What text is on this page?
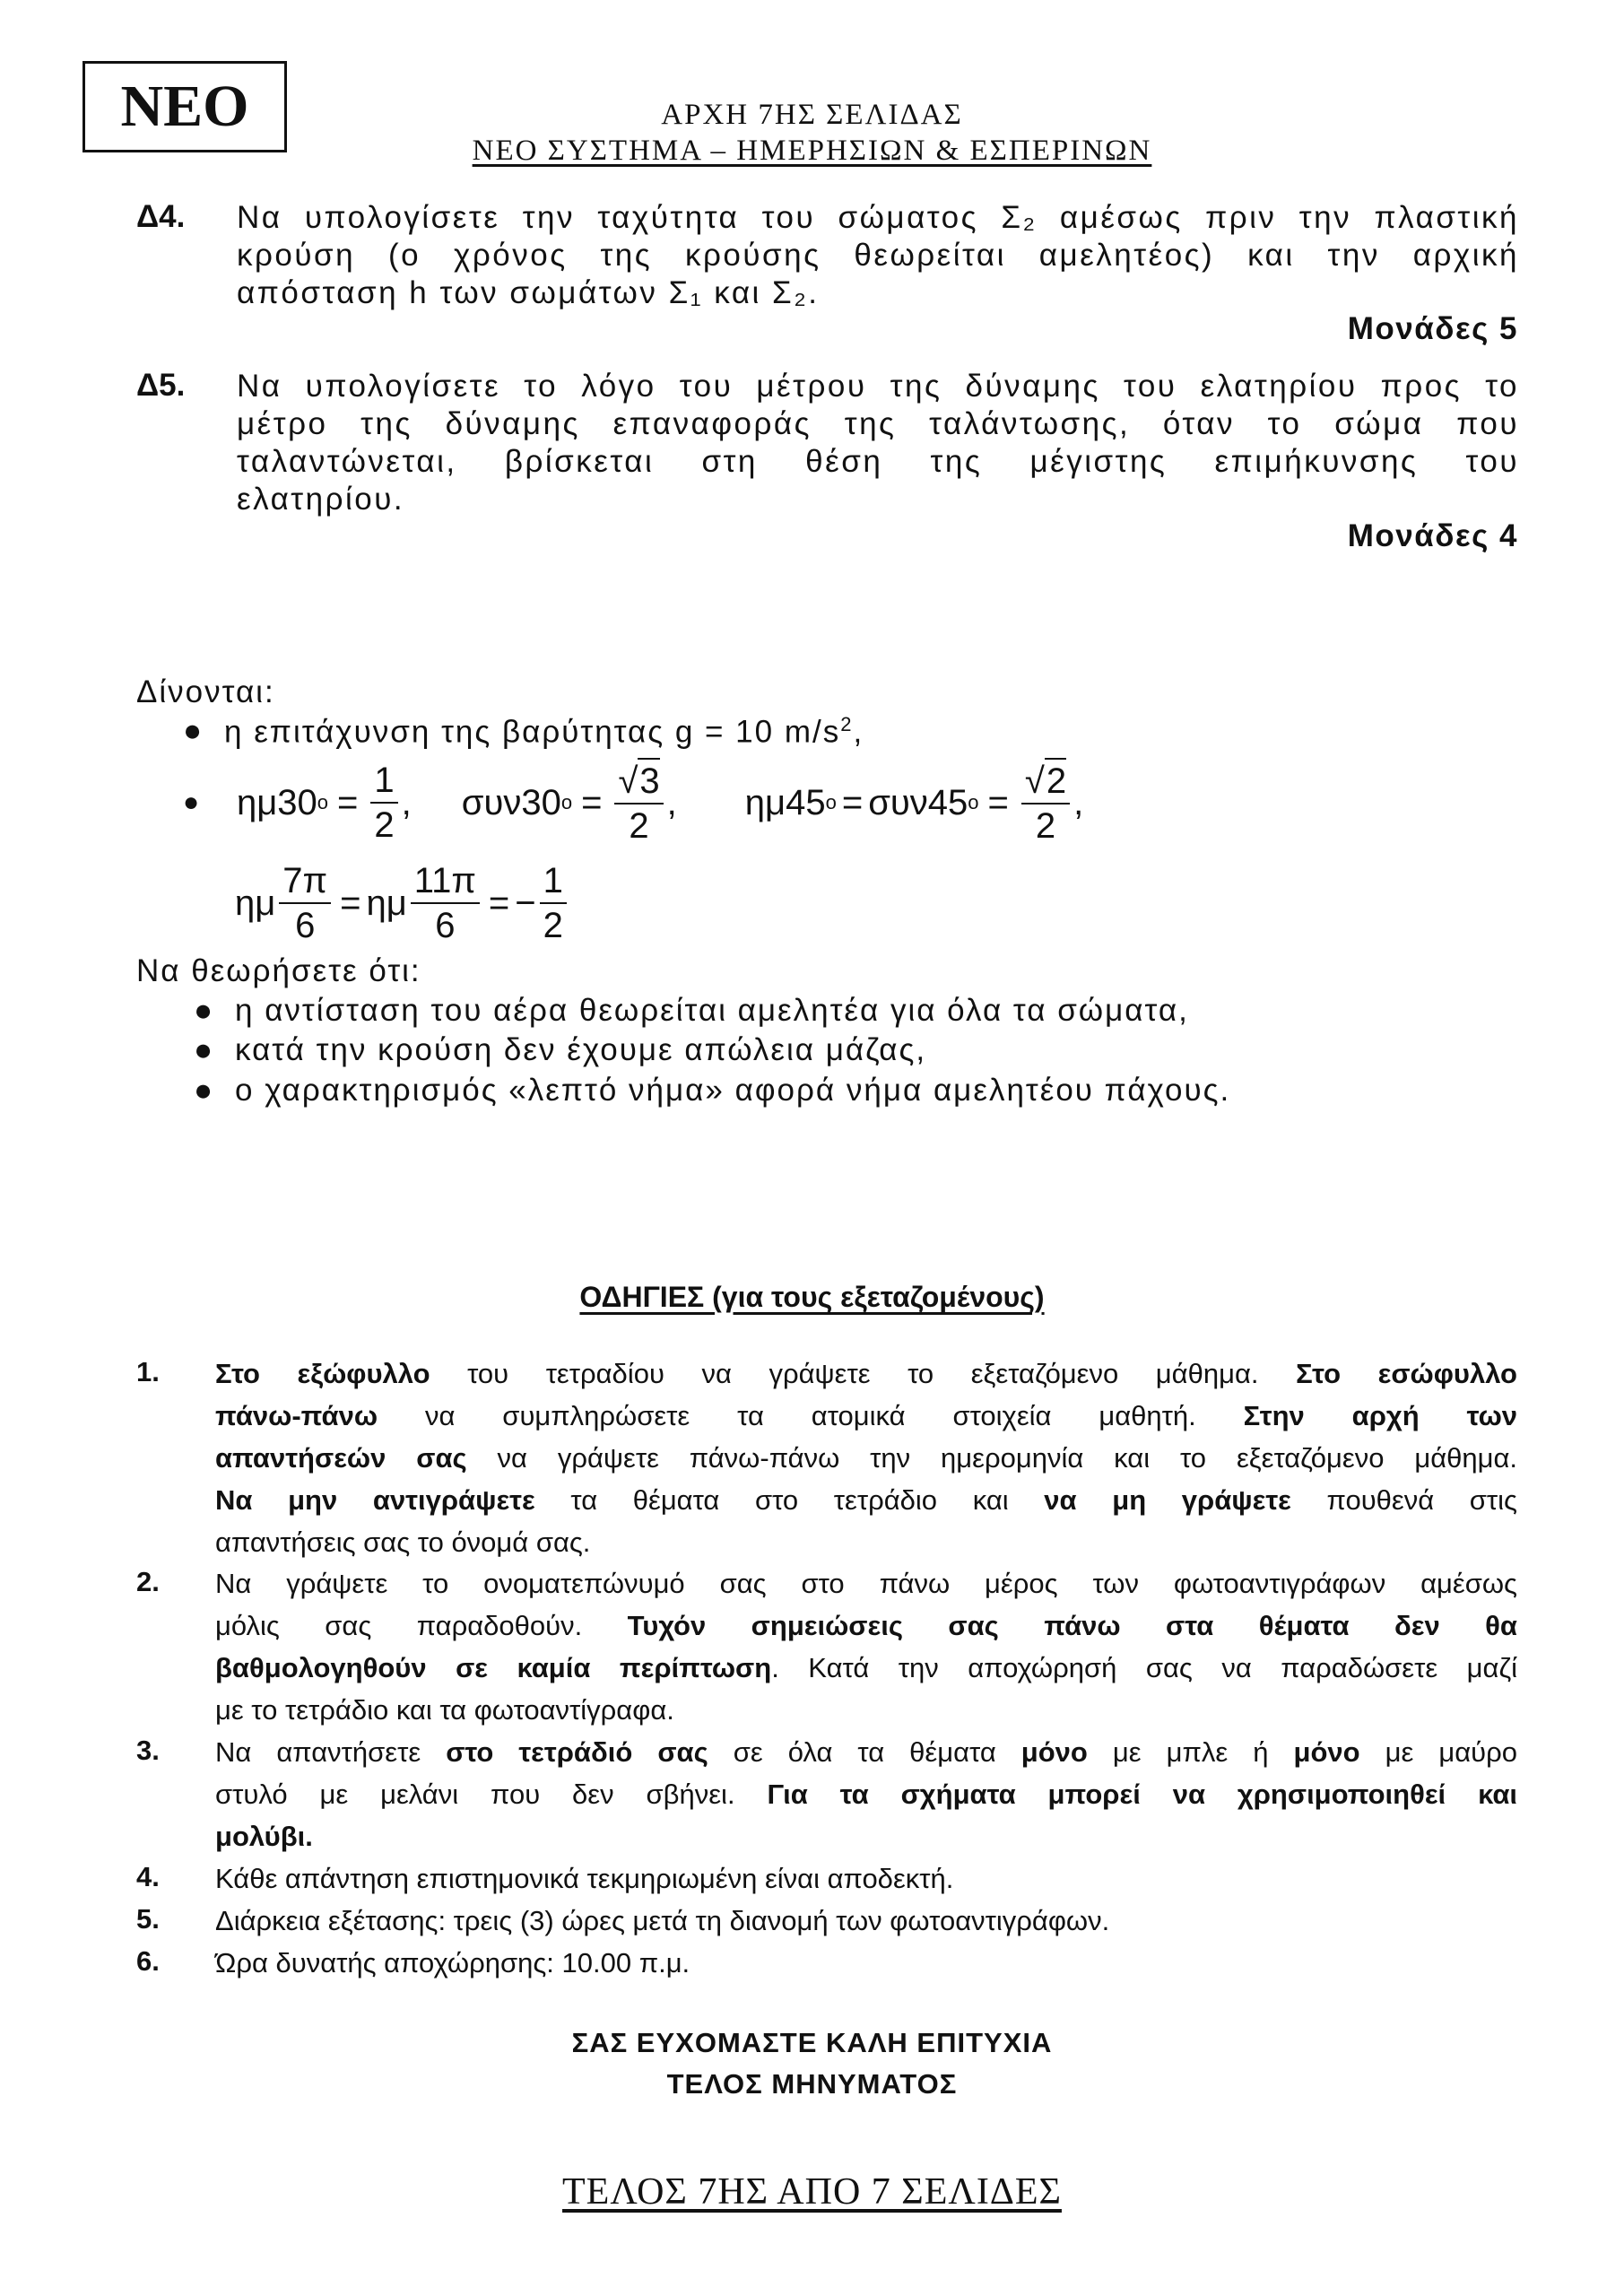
ΝΕΟ	ΑΡΧΗ 7ΗΣ ΣΕΛΙΔΑΣ
ΝΕΟ ΣΥΣΤΗΜΑ – ΗΜΕΡΗΣΙΩΝ & ΕΣΠΕΡΙΝΩΝ
Δ4. Να υπολογίσετε την ταχύτητα του σώματος Σ₂ αμέσως πριν την πλαστική
κρούση (ο χρόνος της κρούσης θεωρείται αμελητέος) και την αρχική
απόσταση h των σωμάτων Σ₁ και Σ₂.
Μονάδες 5
Δ5. Να υπολογίσετε το λόγο του μέτρου της δύναμης του ελατηρίου προς το
μέτρο της δύναμης επαναφοράς της ταλάντωσης, όταν το σώμα που
ταλαντώνεται, βρίσκεται στη θέση της μέγιστης επιμήκυνσης του
ελατηρίου.
Μονάδες 4
Δίνονται:
● η επιτάχυνση της βαρύτητας g = 10 $m/s^2$,
● ημ30 $o = \frac{1}{2}$ , συν30 $o = \frac{√ 3}{2}$ , ημ45 ο = συν45 $o = \frac{√ 2}{2}$ ,
ημ $\frac{7\pi}{6} = \eta\mu \frac{11\pi}{6}$ = − $\frac{1}{2}$
Να θεωρήσετε ότι:
● η αντίσταση του αέρα θεωρείται αμελητέα για όλα τα σώματα,
● κατά την κρούση δεν έχουμε απώλεια μάζας,
● ο χαρακτηρισμός «λεπτό νήμα» αφορά νήμα αμελητέου πάχους.
ΟΔΗΓΙΕΣ (για τους εξεταζομένους)
1. Στο εξώφυλλο του τετραδίου να γράψετε το εξεταζόμενο μάθημα. Στο εσώφυλλο
πάνω-πάνω να συμπληρώσετε τα ατομικά στοιχεία μαθητή. Στην αρχή των
απαντήσεών σας να γράψετε πάνω-πάνω την ημερομηνία και το εξεταζόμενο μάθημα.
Να μην αντιγράψετε τα θέματα στο τετράδιο και να μη γράψετε πουθενά στις
απαντήσεις σας το όνομά σας.
2. Να γράψετε το ονοματεπώνυμό σας στο πάνω μέρος των φωτοαντιγράφων αμέσως
μόλις σας παραδοθούν. Τυχόν σημειώσεις σας πάνω στα θέματα δεν θα
βαθμολογηθούν σε καμία περίπτωση. Κατά την αποχώρησή σας να παραδώσετε μαζί
με το τετράδιο και τα φωτοαντίγραφα.
3. Να απαντήσετε στο τετράδιό σας σε όλα τα θέματα μόνο με μπλε ή μόνο με μαύρο
στυλό με μελάνι που δεν σβήνει. Για τα σχήματα μπορεί να χρησιμοποιηθεί και
μολύβι.
4. Κάθε απάντηση επιστημονικά τεκμηριωμένη είναι αποδεκτή.
5. Διάρκεια εξέτασης: τρεις (3) ώρες μετά τη διανομή των φωτοαντιγράφων.
6. Ώρα δυνατής αποχώρησης: 10.00 π.μ.
ΣΑΣ ΕΥΧΟΜΑΣΤΕ ΚΑΛΗ ΕΠΙΤΥΧΙΑ
ΤΕΛΟΣ ΜΗΝΥΜΑΤΟΣ
ΤΕΛΟΣ 7ΗΣ ΑΠΟ 7 ΣΕΛΙΔΕΣ
